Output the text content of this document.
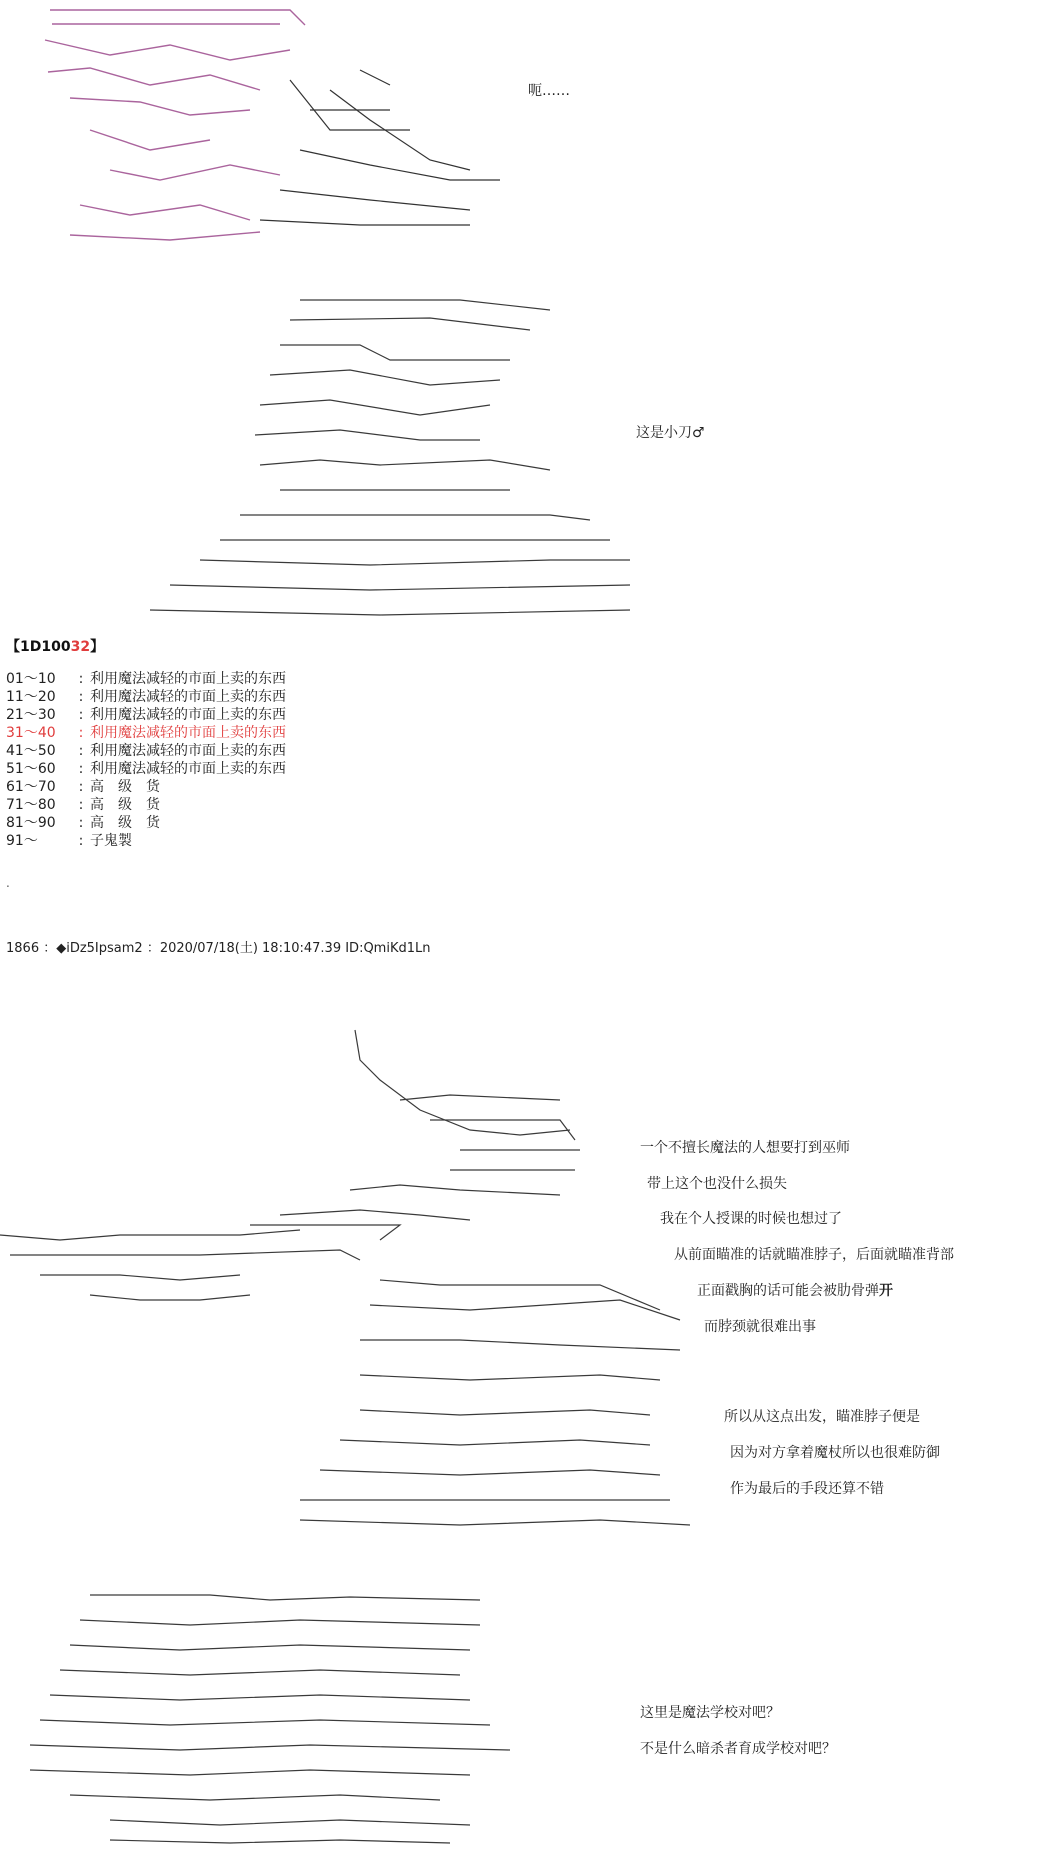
呃……
这是小刀♂
【1D10032】
01～10	: 利用魔法减轻的市面上卖的东西
11～20	: 利用魔法减轻的市面上卖的东西
21～30	: 利用魔法减轻的市面上卖的东西
31～40	: 利用魔法减轻的市面上卖的东西
41～50	: 利用魔法减轻的市面上卖的东西
51～60	: 利用魔法减轻的市面上卖的东西
61～70	: 高　级　货
71～80	: 高　级　货
81～90	: 高　级　货
91～	: 子鬼製
.
1866 ：◆iDz5Ipsam2 ：2020/07/18(土) 18:10:47.39 ID:QmiKd1Ln
一个不擅长魔法的人想要打到巫师
带上这个也没什么损失
我在个人授课的时候也想过了
从前面瞄准的话就瞄准脖子，后面就瞄准背部
正面戳胸的话可能会被肋骨弹开
而脖颈就很难出事
所以从这点出发，瞄准脖子便是
因为对方拿着魔杖所以也很难防御
作为最后的手段还算不错
这里是魔法学校对吧？
不是什么暗杀者育成学校对吧？
